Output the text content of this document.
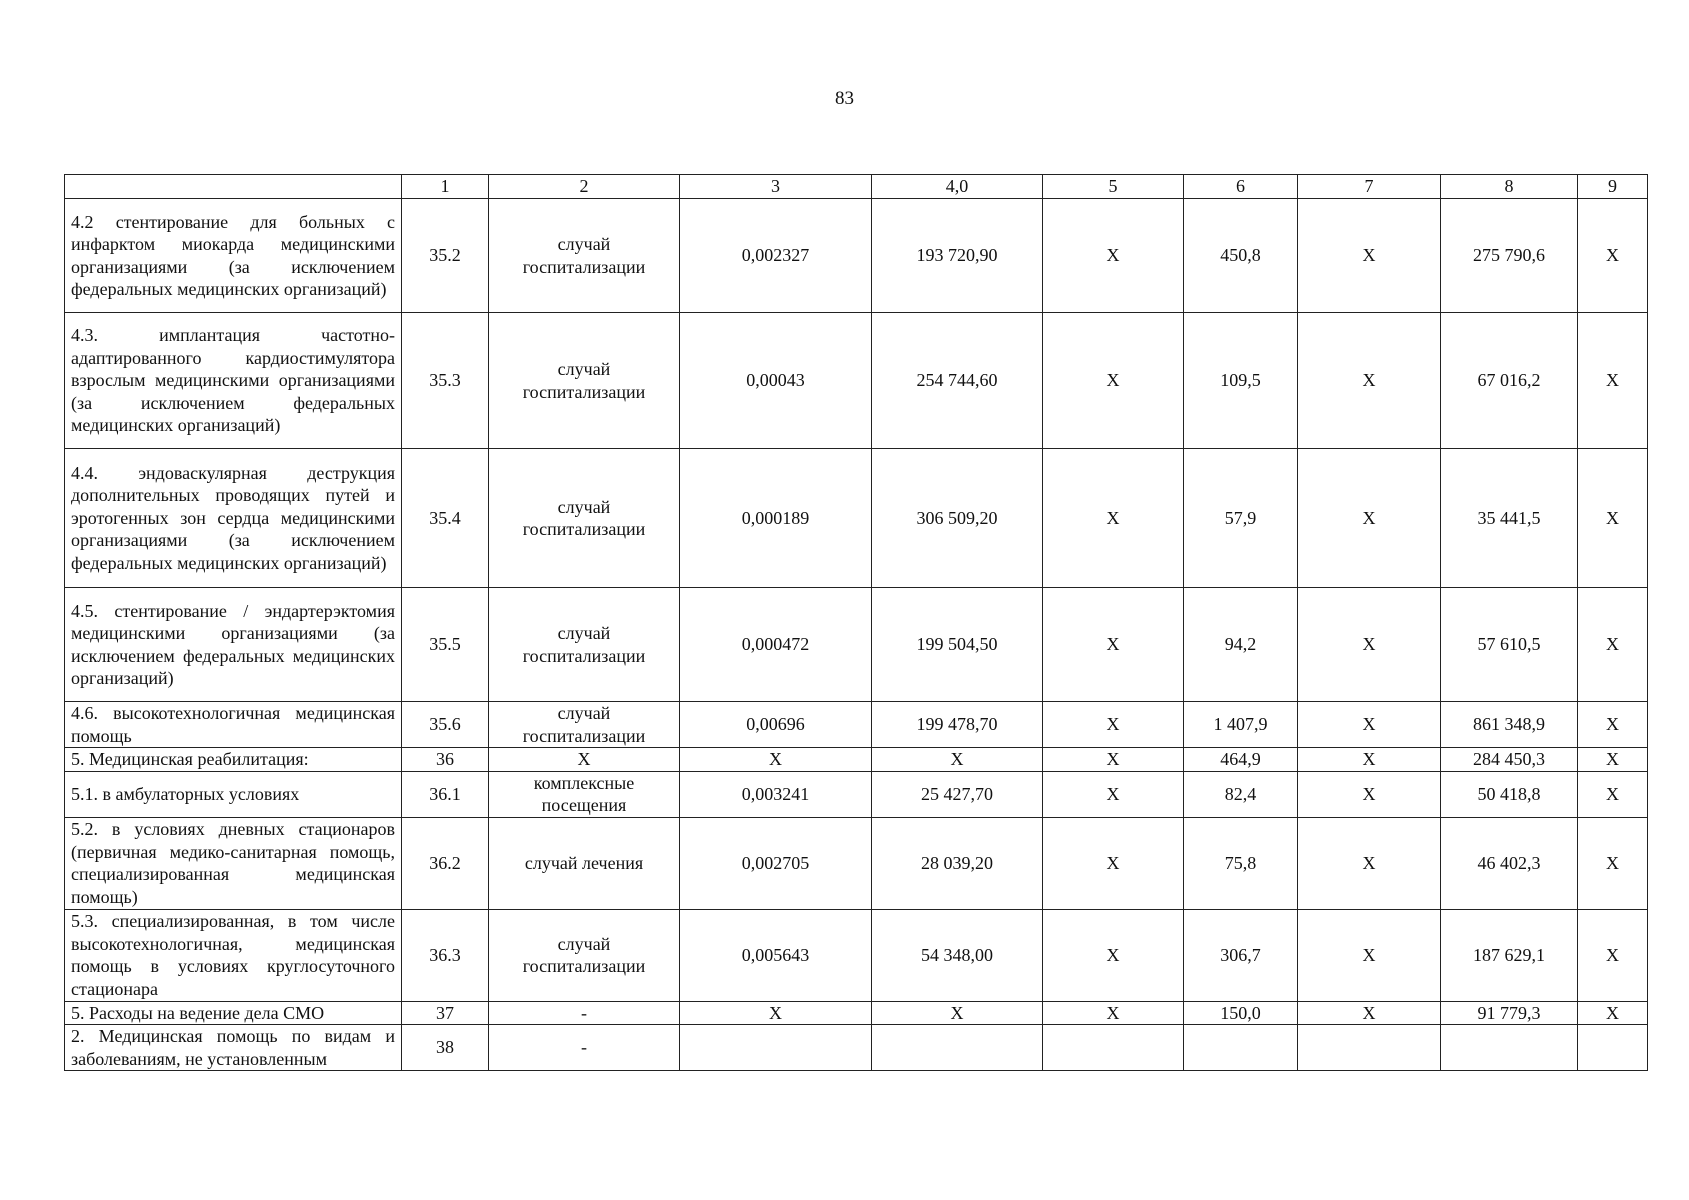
83
	1	2	3	4,0	5	6	7	8	9
4.2 стентирование для больных с инфарктом миокарда медицинскими организациями (за исключением федеральных медицинских организаций)	35.2	случай госпитализации	0,002327	193 720,90	Х	450,8	Х	275 790,6	Х
4.3. имплантация частотно-адаптированного кардиостимулятора взрослым медицинскими организациями (за исключением федеральных медицинских организаций)	35.3	случай госпитализации	0,00043	254 744,60	Х	109,5	Х	67 016,2	Х
4.4. эндоваскулярная деструкция дополнительных проводящих путей и эротогенных зон сердца медицинскими организациями (за исключением федеральных медицинских организаций)	35.4	случай госпитализации	0,000189	306 509,20	Х	57,9	Х	35 441,5	Х
4.5. стентирование / эндартерэктомия медицинскими организациями (за исключением федеральных медицинских организаций)	35.5	случай госпитализации	0,000472	199 504,50	Х	94,2	Х	57 610,5	Х
4.6. высокотехнологичная медицинская помощь	35.6	случай госпитализации	0,00696	199 478,70	Х	1 407,9	Х	861 348,9	Х
5. Медицинская реабилитация:	36	Х	Х	Х	Х	464,9	Х	284 450,3	Х
5.1. в амбулаторных условиях	36.1	комплексные посещения	0,003241	25 427,70	Х	82,4	Х	50 418,8	Х
5.2. в условиях дневных стационаров (первичная медико-санитарная помощь, специализированная медицинская помощь)	36.2	случай лечения	0,002705	28 039,20	Х	75,8	Х	46 402,3	Х
5.3. специализированная, в том числе высокотехнологичная, медицинская помощь в условиях круглосуточного стационара	36.3	случай госпитализации	0,005643	54 348,00	Х	306,7	Х	187 629,1	Х
5. Расходы на ведение дела СМО	37	-	Х	Х	Х	150,0	Х	91 779,3	Х
2. Медицинская помощь по видам и заболеваниям, не установленным	38	-							
